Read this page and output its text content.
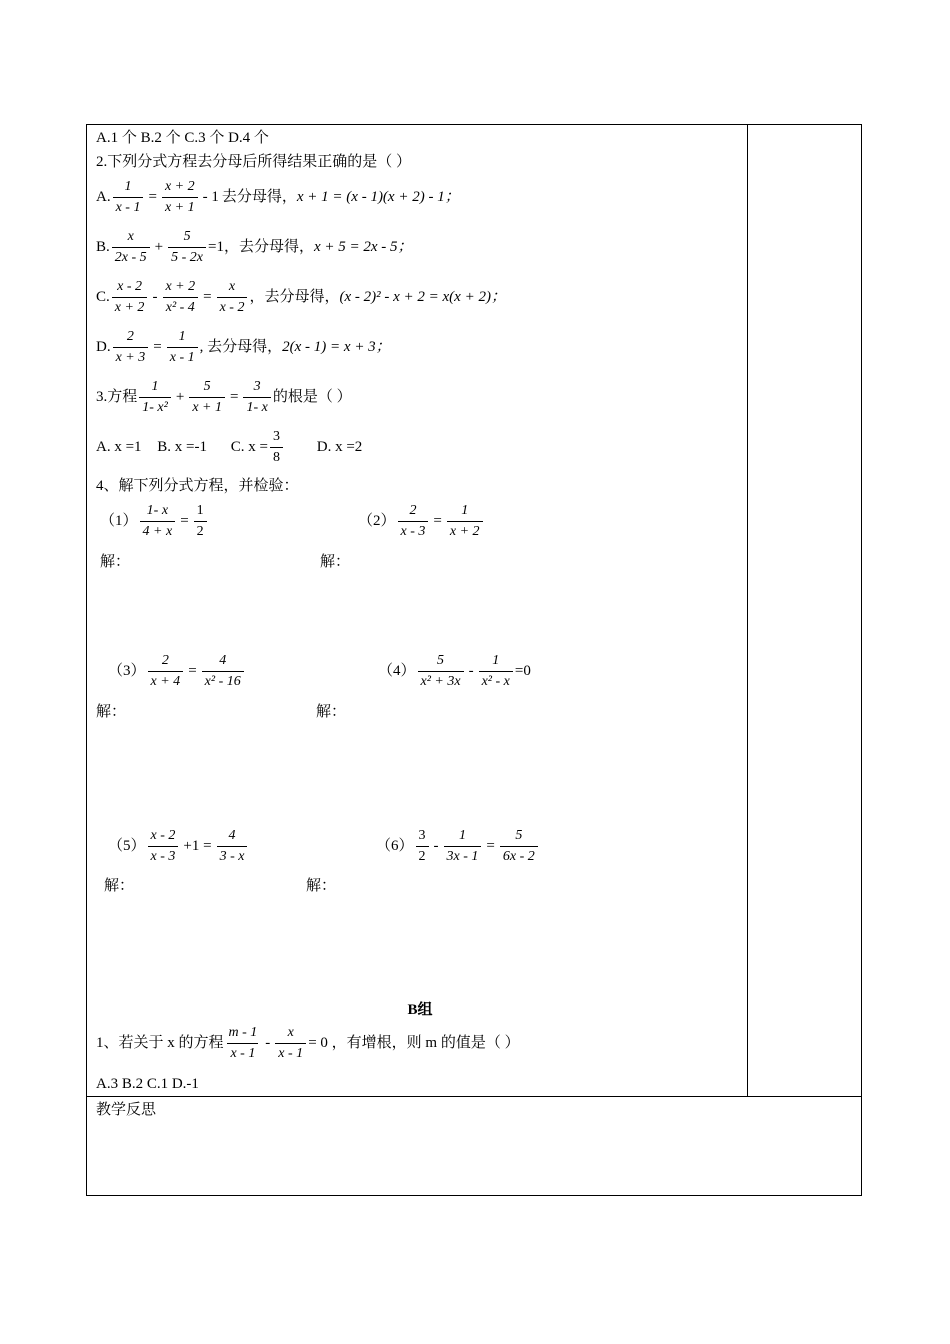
A.1 个 B.2 个 C.3 个 D.4 个
2.下列分式方程去分母后所得结果正确的是（ ）
A. $\frac{1}{x - 1} = \frac{x + 2}{x + 1} - 1$ 去分母得，x + 1 = (x - 1)(x + 2) - 1；
B. $\frac{x}{2x - 5} + \frac{5}{5 - 2x} =1$，去分母得，x + 5 = 2x - 5；
C. $\frac{x - 2}{x + 2} - \frac{x + 2}{\text{x² - 4}} = \frac{x}{x - 2}$ ，去分母得，(x - 2)² - x + 2 = x(x + 2)；
D. $\frac{2}{x + 3} = \frac{1}{x - 1}$ , 去分母得，2(x - 1) = x + 3；
3.方程 $\frac{1}{\text{1- x²}} + \frac{5}{x + 1} = \frac{3}{1- x}$ 的根是（ ）
A. x =1 B. x =-1 C. $x = \frac{3}{8} D$. x =2
4、解下列分式方程，并检验：
$(1) \frac{1- x}{4 + x} = \frac{1}{2}$	$(2) \frac{2}{x - 3} = \frac{1}{x + 2}$
解：	解：
$(3) \frac{2}{x + 4} = \frac{4}{\text{x² - 16}}$	$(4) \frac{5}{\text{x² + 3x}} - \frac{1}{\text{x² - x}} =0$
解：	解：
$(5) \frac{x - 2}{x - 3} +1 = \frac{4}{3 - x}$	$(6) \frac{3}{2} - \frac{1}{3x - 1} = \frac{5}{6x - 2}$
解：	解：
B组
1、若关于 x 的方程 $\frac{m - 1}{x - 1} - \frac{x}{x - 1} = 0$ ，有增根，则 m 的值是（ ）
A.3 B.2 C.1 D.-1
教学反思
